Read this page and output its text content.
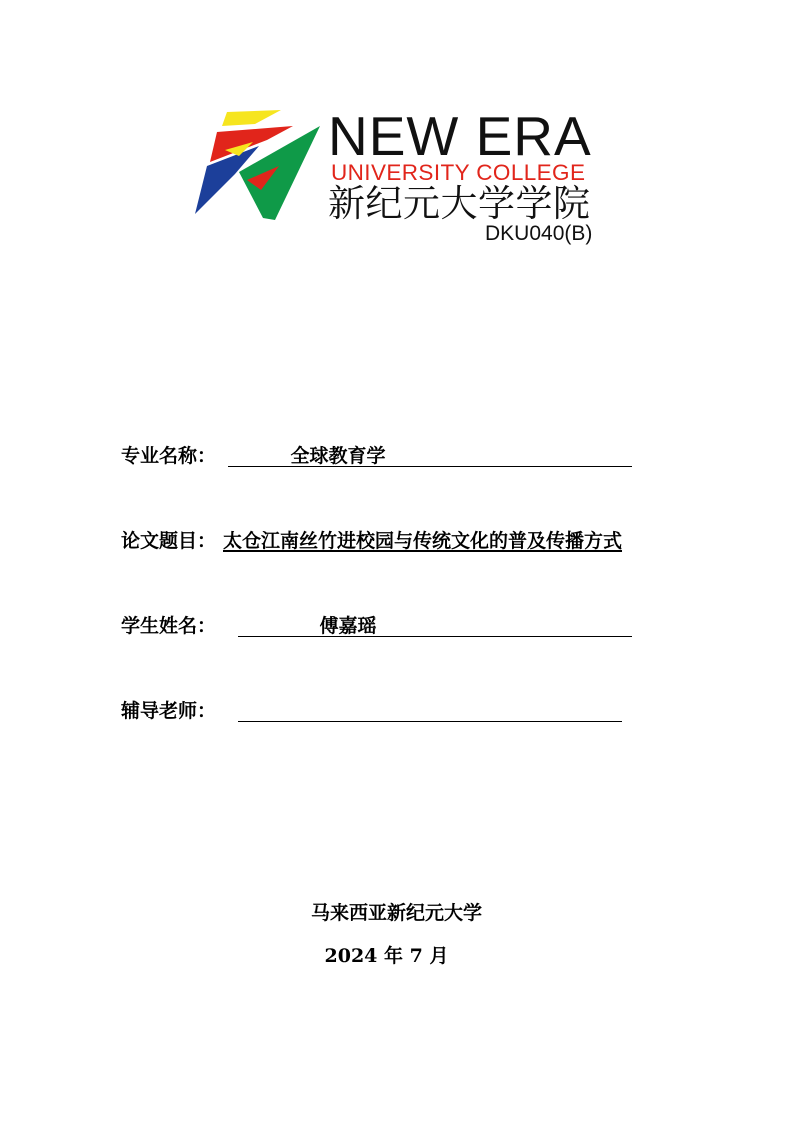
NEW ERA
UNIVERSITY COLLEGE
新纪元大学学院
DKU040(B)
专业名称：	全球教育学
论文题目： 太仓江南丝竹进校园与传统文化的普及传播方式
学生姓名：	傅嘉瑶
辅导老师：
马来西亚新纪元大学
2024 年 7 月
